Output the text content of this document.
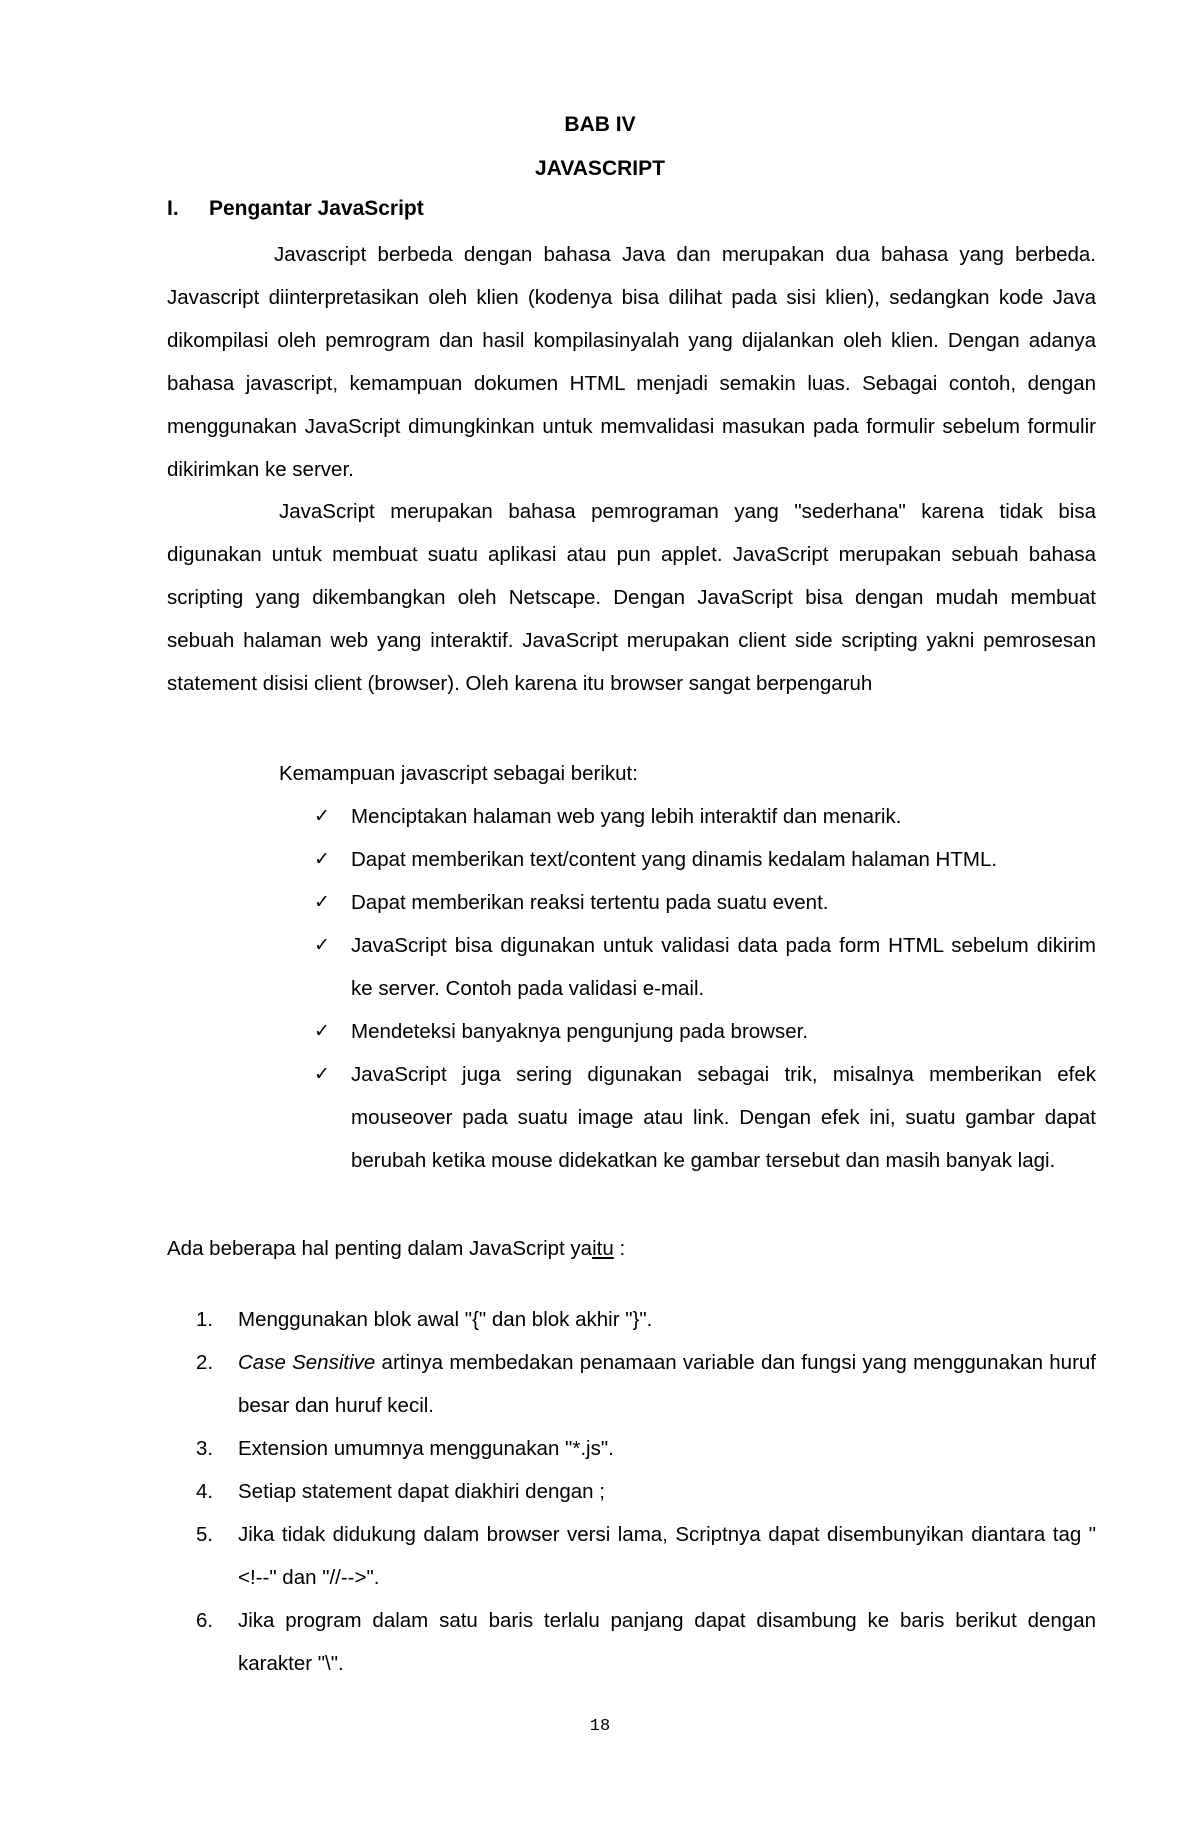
BAB IV
JAVASCRIPT
I. Pengantar JavaScript

Javascript berbeda dengan bahasa Java dan merupakan dua bahasa yang berbeda. Javascript diinterpretasikan oleh klien (kodenya bisa dilihat pada sisi klien), sedangkan kode Java dikompilasi oleh pemrogram dan hasil kompilasinyalah yang dijalankan oleh klien. Dengan adanya bahasa javascript, kemampuan dokumen HTML menjadi semakin luas. Sebagai contoh, dengan menggunakan JavaScript dimungkinkan untuk memvalidasi masukan pada formulir sebelum formulir dikirimkan ke server.

JavaScript merupakan bahasa pemrograman yang "sederhana" karena tidak bisa digunakan untuk membuat suatu aplikasi atau pun applet. JavaScript merupakan sebuah bahasa scripting yang dikembangkan oleh Netscape. Dengan JavaScript bisa dengan mudah membuat sebuah halaman web yang interaktif. JavaScript merupakan client side scripting yakni pemrosesan statement disisi client (browser). Oleh karena itu browser sangat berpengaruh

Kemampuan javascript sebagai berikut:

✓ Menciptakan halaman web yang lebih interaktif dan menarik.
✓ Dapat memberikan text/content yang dinamis kedalam halaman HTML.
✓ Dapat memberikan reaksi tertentu pada suatu event.
✓ JavaScript bisa digunakan untuk validasi data pada form HTML sebelum dikirim ke server. Contoh pada validasi e-mail.
✓ Mendeteksi banyaknya pengunjung pada browser.
✓ JavaScript juga sering digunakan sebagai trik, misalnya memberikan efek mouseover pada suatu image atau link. Dengan efek ini, suatu gambar dapat berubah ketika mouse didekatkan ke gambar tersebut dan masih banyak lagi.
Ada beberapa hal penting dalam JavaScript yaitu :
1. Menggunakan blok awal "{" dan blok akhir "}".
2. Case Sensitive artinya membedakan penamaan variable dan fungsi yang menggunakan huruf besar dan huruf kecil.
3. Extension umumnya menggunakan "*.js".
4. Setiap statement dapat diakhiri dengan ;
5. Jika tidak didukung dalam browser versi lama, Scriptnya dapat disembunyikan diantara tag "<!--" dan "//-->".
6. Jika program dalam satu baris terlalu panjang dapat disambung ke baris berikut dengan karakter "\".
18
